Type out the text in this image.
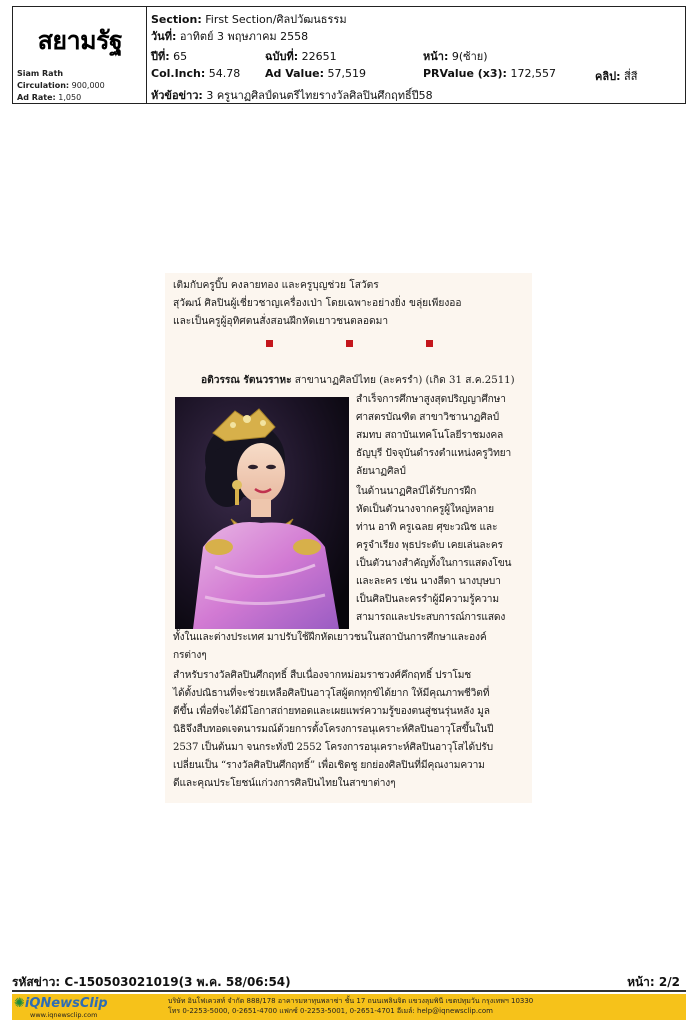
สยามรัฐ
Siam Rath
Circulation: 900,000
Ad Rate: 1,050
Section: First Section/ศิลปวัฒนธรรม
วันที่: อาทิตย์ 3 พฤษภาคม 2558
ปีที่: 65	ฉบับที่: 22651	หน้า: 9(ซ้าย)
Col.Inch: 54.78 Ad Value: 57,519	PRValue (x3): 172,557	คลิป: สี่สี
หัวข้อข่าว: 3 ครูนาฏศิลป์ดนตรีไทยรางวัลศิลปินศึกฤทธิ์ปี58
เติมกับครูบิ๊บ คงลายทอง และครูบุญช่วย โสวัตร
สุวัฒน์ ศิลปินผู้เชี่ยวชาญเครื่องเป่า โดยเฉพาะอย่างยิ่ง ขลุ่ยเพียงออ
และเป็นครูผู้อุทิศตนสั่งสอนฝึกหัดเยาวชนตลอดมา
อติวรรณ รัตนวราหะ สาขานาฏศิลป์ไทย (ละครรำ) (เกิด 31 ส.ค.2511)
สำเร็จการศึกษาสูงสุดปริญญาศึกษา
ศาสตรบัณฑิต สาขาวิชานาฏศิลป์
สมทบ สถาบันเทคโนโลยีราชมงคล
ธัญบุรี ปัจจุบันดำรงตำแหน่งครูวิทยา
ลัยนาฏศิลป์
ในด้านนาฏศิลป์ได้รับการฝึก
หัดเป็นตัวนางจากครูผู้ใหญ่หลาย
ท่าน อาทิ ครูเฉลย ศุขะวณิช และ
ครูจำเรียง พุธประดับ เคยเล่นละคร
เป็นตัวนางสำคัญทั้งในการแสดงโขน
และละคร เช่น นางสีดา นางบุษบา
เป็นศิลปินละครรำผู้มีความรู้ความ
สามารถและประสบการณ์การแสดง
ทั้งในและต่างประเทศ มาปรับใช้ฝึกหัดเยาวชนในสถาบันการศึกษาและองค์
กรต่างๆ
สำหรับรางวัลศิลปินศึกฤทธิ์ สืบเนื่องจากหม่อมราชวงศ์คึกฤทธิ์ ปราโมช
ได้ตั้งปณิธานที่จะช่วยเหลือศิลปินอาวุโสผู้ตกทุกข์ได้ยาก ให้มีคุณภาพชีวิตที่
ดีขึ้น เพื่อที่จะได้มีโอกาสถ่ายทอดและเผยแพร่ความรู้ของตนสู่ชนรุ่นหลัง มูล
นิธิจึงสืบทอดเจตนารมณ์ด้วยการตั้งโครงการอนุเคราะห์ศิลปินอาวุโสขึ้นในปี
2537 เป็นต้นมา จนกระทั่งปี 2552 โครงการอนุเคราะห์ศิลปินอาวุโสได้ปรับ
เปลี่ยนเป็น “รางวัลศิลปินศึกฤทธิ์” เพื่อเชิดชู ยกย่องศิลปินที่มีคุณงามความ
ดีและคุณประโยชน์แก่วงการศิลปินไทยในสาขาต่างๆ
รหัสข่าว: C-150503021019(3 พ.ค. 58/06:54)	หน้า: 2/2
✺iQNewsClip
www.iqnewsclip.com
บริษัท อินโฟเควสท์ จำกัด 888/178 อาคารมหาทุนพลาซ่า ชั้น 17 ถนนเพลินจิต แขวงลุมพินี เขตปทุมวัน กรุงเทพฯ 10330
โทร 0-2253-5000, 0-2651-4700 แฟกซ์ 0-2253-5001, 0-2651-4701 อีเมล์: help@iqnewsclip.com
